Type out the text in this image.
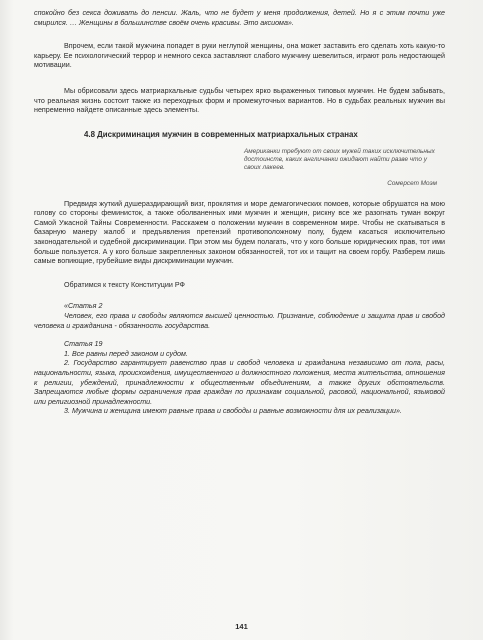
спокойно без секса доживать до пенсии. Жаль, что не будет у меня продолжения, детей. Но я с этим почти уже смирился. … Женщины в большинстве своём очень красивы. Это аксиома».

Впрочем, если такой мужчина попадет в руки неглупой женщины, она может заставить его сделать хоть какую-то карьеру. Ее психологический террор и немного секса заставляют слабого мужчину шевелиться, играют роль недостающей мотивации.

Мы обрисовали здесь матриархальные судьбы четырех ярко выраженных типовых мужчин. Не будем забывать, что реальная жизнь состоит также из переходных форм и промежуточных вариантов. Но в судьбах реальных мужчин вы непременно найдете описанные здесь элементы.

4.8 Дискриминация мужчин в современных матриархальных странах

Американки требуют от своих мужей таких исключительных достоинств, каких англичанки ожидают найти разве что у своих лакеев.

Сомерсет Моэм

Предвидя жуткий душераздирающий визг, проклятия и море демагогических помоев, которые обрушатся на мою голову со стороны феминисток, а также оболваненных ими мужчин и женщин, рискну все же разогнать туман вокруг Самой Ужасной Тайны Современности. Расскажем о положении мужчин в современном мире. Чтобы не скатываться в базарную манеру жалоб и предъявления претензий противоположному полу, будем касаться исключительно законодательной и судебной дискриминации. При этом мы будем полагать, что у кого больше юридических прав, тот ими больше пользуется. А у кого больше закрепленных законом обязанностей, тот их и тащит на своем горбу. Разберем лишь самые вопиющие, грубейшие виды дискриминации мужчин.

Обратимся к тексту Конституции РФ

«Статья 2

Человек, его права и свободы являются высшей ценностью. Признание, соблюдение и защита прав и свобод человека и гражданина - обязанность государства.

Статья 19

1. Все равны перед законом и судом.

2. Государство гарантирует равенство прав и свобод человека и гражданина независимо от пола, расы, национальности, языка, происхождения, имущественного и должностного положения, места жительства, отношения к религии, убеждений, принадлежности к общественным объединениям, а также других обстоятельств. Запрещаются любые формы ограничения прав граждан по признакам социальной, расовой, национальной, языковой или религиозной принадлежности.

3. Мужчина и женщина имеют равные права и свободы и равные возможности для их реализации».

141
